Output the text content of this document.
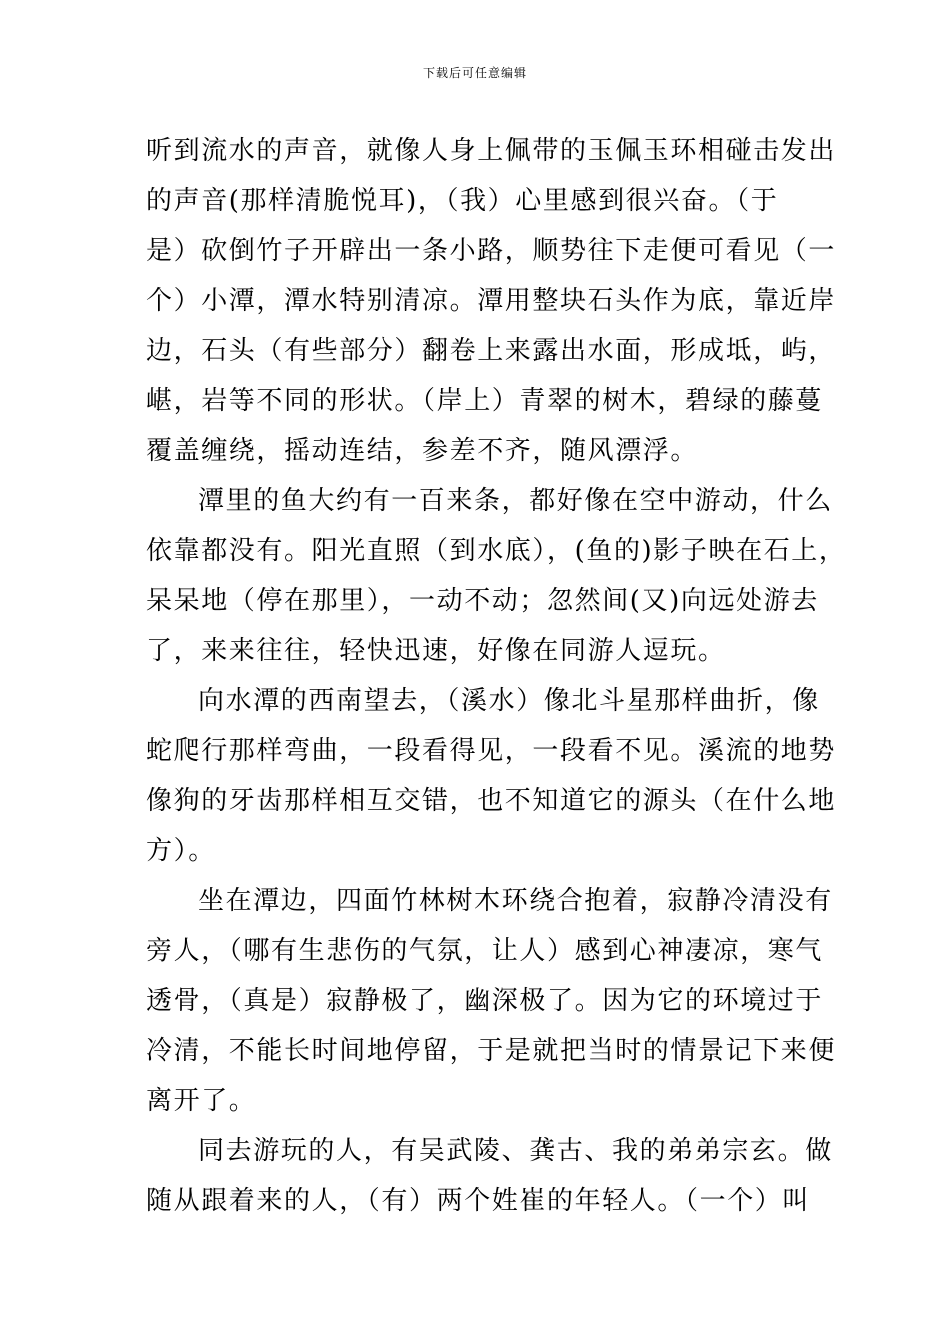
下载后可任意编辑
听到流水的声音，就像人身上佩带的玉佩玉环相碰击发出
的声音(那样清脆悦耳)，（我）心里感到很兴奋。（于
是）砍倒竹子开辟出一条小路，顺势往下走便可看见（一
个）小潭，潭水特别清凉。潭用整块石头作为底，靠近岸
边，石头（有些部分）翻卷上来露出水面，形成坻，屿，
嵁，岩等不同的形状。（岸上）青翠的树木，碧绿的藤蔓
覆盖缠绕，摇动连结，参差不齐，随风漂浮。
潭里的鱼大约有一百来条，都好像在空中游动，什么
依靠都没有。阳光直照（到水底），(鱼的)影子映在石上，
呆呆地（停在那里），一动不动；忽然间(又)向远处游去
了，来来往往，轻快迅速，好像在同游人逗玩。
向水潭的西南望去，（溪水）像北斗星那样曲折，像
蛇爬行那样弯曲，一段看得见，一段看不见。溪流的地势
像狗的牙齿那样相互交错，也不知道它的源头（在什么地
方）。
坐在潭边，四面竹林树木环绕合抱着，寂静冷清没有
旁人，（哪有生悲伤的气氛，让人）感到心神凄凉，寒气
透骨，（真是）寂静极了，幽深极了。因为它的环境过于
冷清，不能长时间地停留，于是就把当时的情景记下来便
离开了。
同去游玩的人，有吴武陵、龚古、我的弟弟宗玄。做
随从跟着来的人，（有）两个姓崔的年轻人。（一个）叫
